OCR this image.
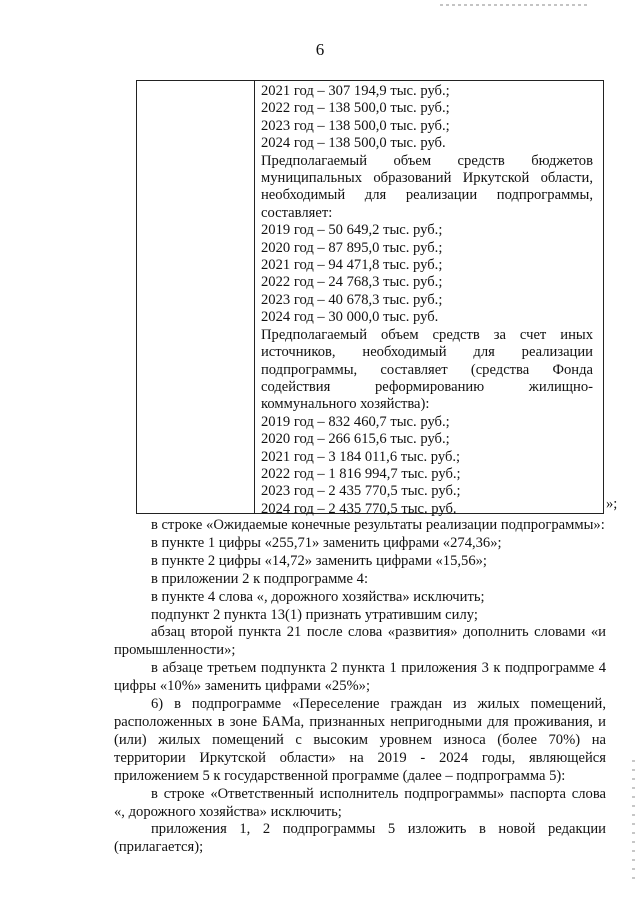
6

2021 год – 307 194,9 тыс. руб.;

2022 год – 138 500,0 тыс. руб.;

2023 год – 138 500,0 тыс. руб.;

2024 год – 138 500,0 тыс. руб.

Предполагаемый объем средств бюджетов

муниципальных образований Иркутской области,

необходимый для реализации подпрограммы,

составляет:

2019 год – 50 649,2 тыс. руб.;

2020 год – 87 895,0 тыс. руб.;

2021 год – 94 471,8 тыс. руб.;

2022 год – 24 768,3 тыс. руб.;

2023 год – 40 678,3 тыс. руб.;

2024 год – 30 000,0 тыс. руб.

Предполагаемый объем средств за счет иных

источников, необходимый для реализации

подпрограммы, составляет (средства Фонда

содействия реформированию жилищно-

коммунального хозяйства):

2019 год – 832 460,7 тыс. руб.;

2020 год – 266 615,6 тыс. руб.;

2021 год – 3 184 011,6 тыс. руб.;

2022 год – 1 816 994,7 тыс. руб.;

2023 год – 2 435 770,5 тыс. руб.;

2024 год – 2 435 770,5 тыс. руб.	»;

в строке «Ожидаемые конечные результаты реализации подпрограммы»:

в пункте 1 цифры «255,71» заменить цифрами «274,36»;

в пункте 2 цифры «14,72» заменить цифрами «15,56»;

в приложении 2 к подпрограмме 4:

в пункте 4 слова «, дорожного хозяйства» исключить;

подпункт 2 пункта 13(1) признать утратившим силу;

абзац второй пункта 21 после слова «развития» дополнить словами «и промышленности»;

в абзаце третьем подпункта 2 пункта 1 приложения 3 к подпрограмме 4 цифры «10%» заменить цифрами «25%»;

6) в подпрограмме «Переселение граждан из жилых помещений, расположенных в зоне БАМа, признанных непригодными для проживания, и (или) жилых помещений с высоким уровнем износа (более 70%) на территории Иркутской области» на 2019 - 2024 годы, являющейся приложением 5 к государственной программе (далее – подпрограмма 5):

в строке «Ответственный исполнитель подпрограммы» паспорта слова «, дорожного хозяйства» исключить;

приложения 1, 2 подпрограммы 5 изложить в новой редакции (прилагается);
